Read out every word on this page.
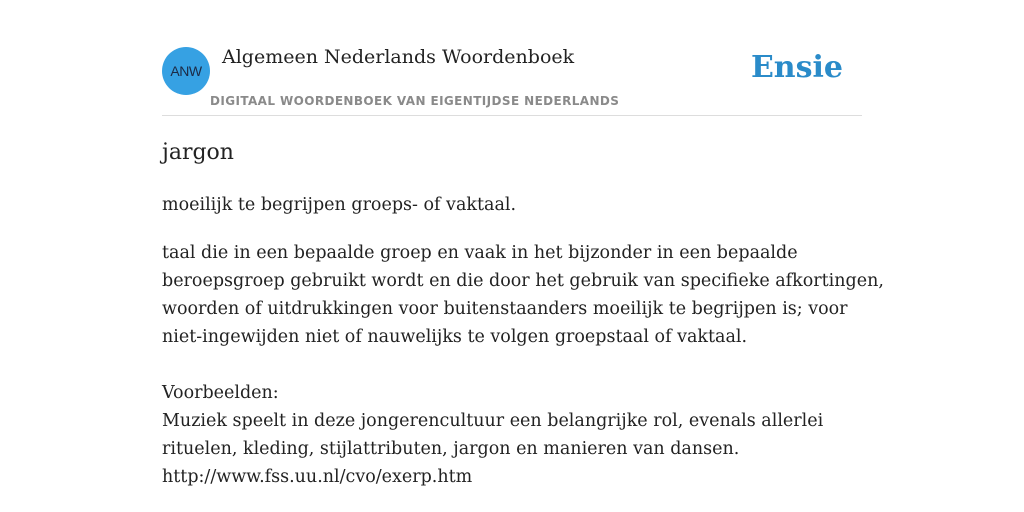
ANW
Algemeen Nederlands Woordenboek
DIGITAAL WOORDENBOEK VAN EIGENTIJDSE NEDERLANDS
Ensie
jargon
moeilijk te begrijpen groeps- of vaktaal.
taal die in een bepaalde groep en vaak in het bijzonder in een bepaalde
beroepsgroep gebruikt wordt en die door het gebruik van specifieke afkortingen,
woorden of uitdrukkingen voor buitenstaanders moeilijk te begrijpen is; voor
niet-ingewijden niet of nauwelijks te volgen groepstaal of vaktaal.
Voorbeelden:
Muziek speelt in deze jongerencultuur een belangrijke rol, evenals allerlei
rituelen, kleding, stijlattributen, jargon en manieren van dansen.
http://www.fss.uu.nl/cvo/exerp.htm
